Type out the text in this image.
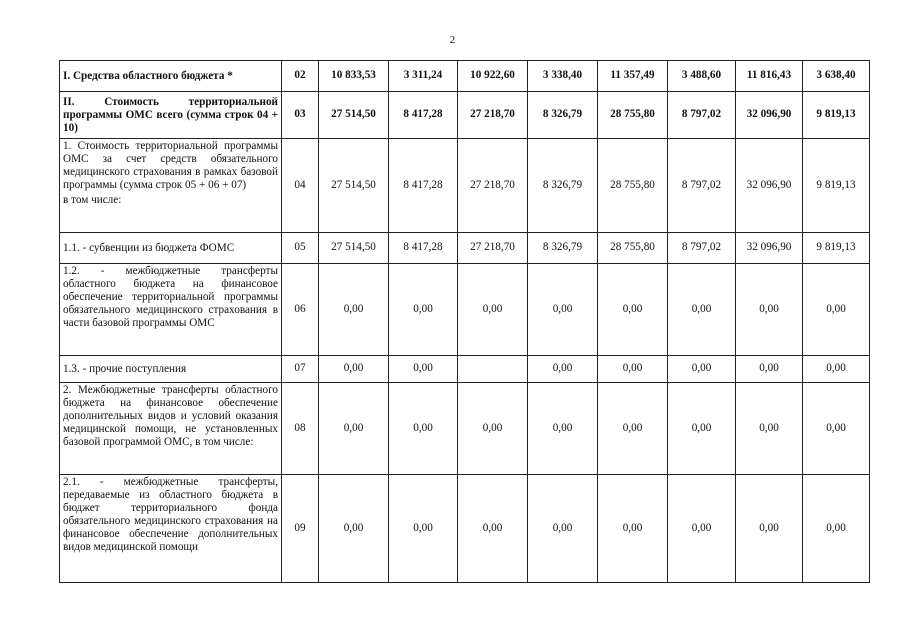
2
I. Средства областного бюджета *	02	10 833,53	3 311,24	10 922,60	3 338,40	11 357,49	3 488,60	11 816,43	3 638,40
II. Стоимость территориальной программы ОМС всего (сумма строк 04 + 10)	03	27 514,50	8 417,28	27 218,70	8 326,79	28 755,80	8 797,02	32 096,90	9 819,13
1. Стоимость территориальной программы ОМС за счет средств обязательного медицинского страхования в рамках базовой программы (сумма строк 05 + 06 + 07)
в том числе:	04	27 514,50	8 417,28	27 218,70	8 326,79	28 755,80	8 797,02	32 096,90	9 819,13
1.1. - субвенции из бюджета ФОМС	05	27 514,50	8 417,28	27 218,70	8 326,79	28 755,80	8 797,02	32 096,90	9 819,13
1.2. - межбюджетные трансферты областного бюджета на финансовое обеспечение территориальной программы обязательного медицинского страхования в части базовой программы ОМС	06	0,00	0,00	0,00	0,00	0,00	0,00	0,00	0,00
1.3. - прочие поступления	07	0,00	0,00		0,00	0,00	0,00	0,00	0,00
2. Межбюджетные трансферты областного бюджета на финансовое обеспечение дополнительных видов и условий оказания медицинской помощи, не установленных базовой программой ОМС, в том числе:	08	0,00	0,00	0,00	0,00	0,00	0,00	0,00	0,00
2.1. - межбюджетные трансферты, передаваемые из областного бюджета в бюджет территориального фонда обязательного медицинского страхования на финансовое обеспечение дополнительных видов медицинской помощи	09	0,00	0,00	0,00	0,00	0,00	0,00	0,00	0,00
